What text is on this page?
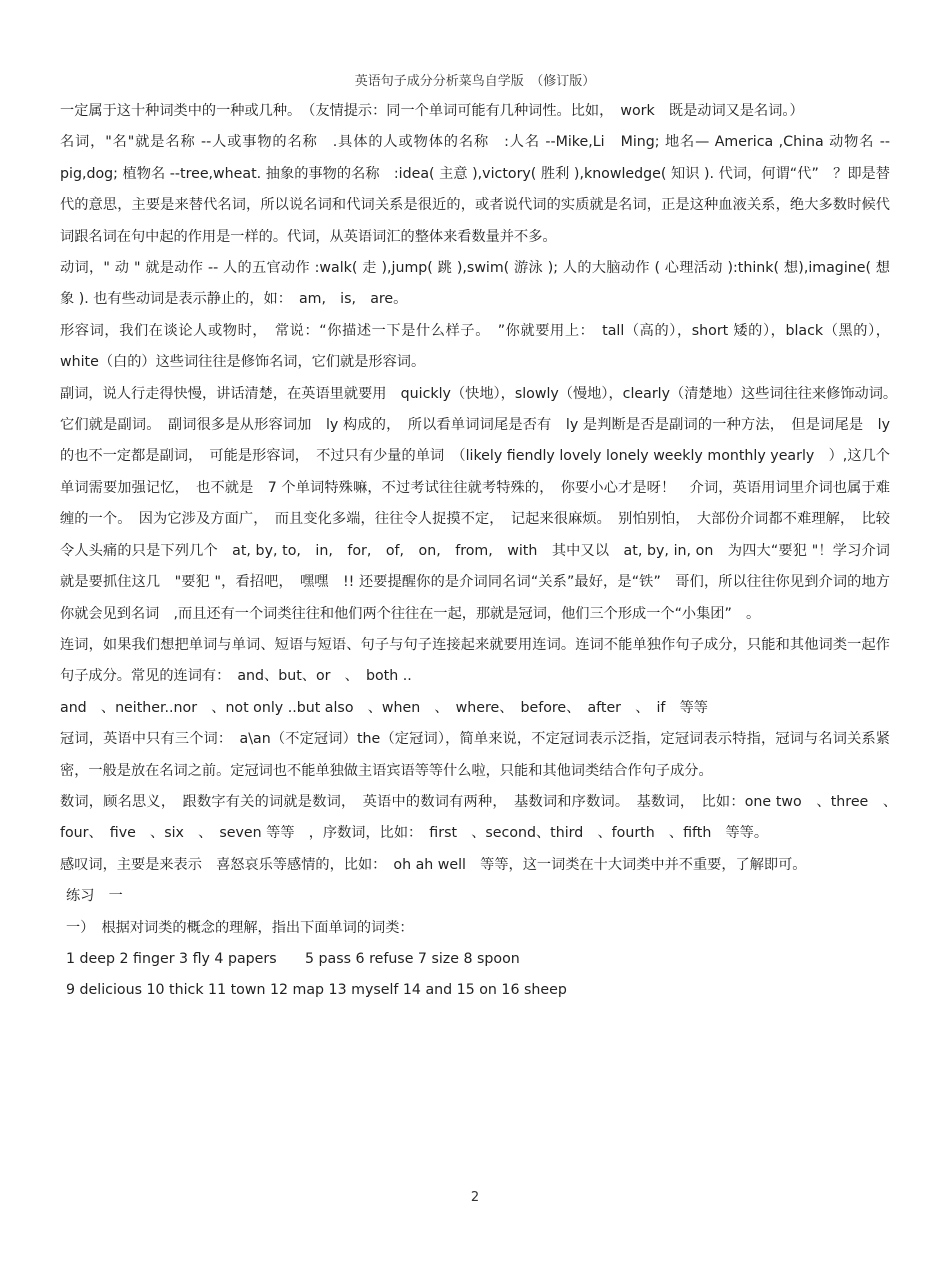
英语句子成分分析菜鸟自学版　（修订版）

一定属于这十种词类中的一种或几种。　（友情提示：同一个单词可能有几种词性。比如，　work　既是动词又是名词。）

名词，"名"就是名称 --人或事物的名称　.具体的人或物体的名称　:人名 --Mike,Li　Ming; 地名— America ,China 动物名 --pig,dog; 植物名 --tree,wheat. 抽象的事物的名称　:idea( 主意 ),victory( 胜利 ),knowledge( 知识 ). 代词，何谓“代”　？即是替代的意思，主要是来替代名词，所以说名词和代词关系是很近的，或者说代词的实质就是名词，正是这种血液关系，绝大多数时候代词跟名词在句中起的作用是一样的。代词，从英语词汇的整体来看数量并不多。

动词，" 动 " 就是动作 -- 人的五官动作 :walk( 走 ),jump( 跳 ),swim( 游泳 ); 人的大脑动作 ( 心理活动 ):think( 想),imagine( 想象 ). 也有些动词是表示静止的，如：　am,　is,　are。

形容词，我们在谈论人或物时，　常说：“你描述一下是什么样子。　”你就要用上：　tall（高的），short 矮的），black（黑的），white（白的）这些词往往是修饰名词，它们就是形容词。

副词，说人行走得快慢，讲话清楚，在英语里就要用　quickly（快地），slowly（慢地），clearly（清楚地）这些词往往来修饰动词。　它们就是副词。　副词很多是从形容词加　ly 构成的，　所以看单词词尾是否有　ly 是判断是否是副词的一种方法，　但是词尾是　ly 的也不一定都是副词，　可能是形容词，　不过只有少量的单词　（likely fiendly lovely lonely weekly monthly yearly　）,这几个单词需要加强记忆，　也不就是　7 个单词特殊嘛，不过考试往往就考特殊的，　你要小心才是呀！　介词，英语用词里介词也属于难缠的一个。　因为它涉及方面广，　而且变化多端，往往令人捉摸不定，　记起来很麻烦。　别怕别怕，　大部份介词都不难理解，　比较令人头痛的只是下列几个　at, by, to,　in,　for,　of,　on,　from,　with　其中又以　at, by, in, on　为四大“要犯 "！学习介词就是要抓住这几　"要犯 "，看招吧，　嘿嘿　!! 还要提醒你的是介词同名词“关系”最好，是“铁”　哥们，所以往往你见到介词的地方你就会见到名词　,而且还有一个词类往往和他们两个往往在一起，那就是冠词，他们三个形成一个“小集团”　。

连词，如果我们想把单词与单词、短语与短语、句子与句子连接起来就要用连词。连词不能单独作句子成分，只能和其他词类一起作句子成分。常见的连词有：　and、but、or　、　both ..

and　、neither..nor　、not only ..but also　、when　、　where、　before、　after　、　if　等等

冠词，英语中只有三个词：　a\an（不定冠词）the（定冠词），简单来说，不定冠词表示泛指，定冠词表示特指，冠词与名词关系紧密，一般是放在名词之前。定冠词也不能单独做主语宾语等等什么啦，只能和其他词类结合作句子成分。

数词，顾名思义，　跟数字有关的词就是数词，　英语中的数词有两种，　基数词和序数词。　基数词，　比如：one two　、three　、　four、　five　、six　、　seven 等等　，序数词，比如：　first　、second、third　、fourth　、fifth　等等。

感叹词，主要是来表示　喜怒哀乐等感情的，比如：　oh ah well　等等，这一词类在十大词类中并不重要，了解即可。

练习　一

一）　根据对词类的概念的理解，指出下面单词的词类：

1 deep 2 finger 3 fly 4 papers　　5 pass 6 refuse 7 size 8 spoon

9 delicious 10 thick 11 town 12 map 13 myself 14 and 15 on 16 sheep

2
